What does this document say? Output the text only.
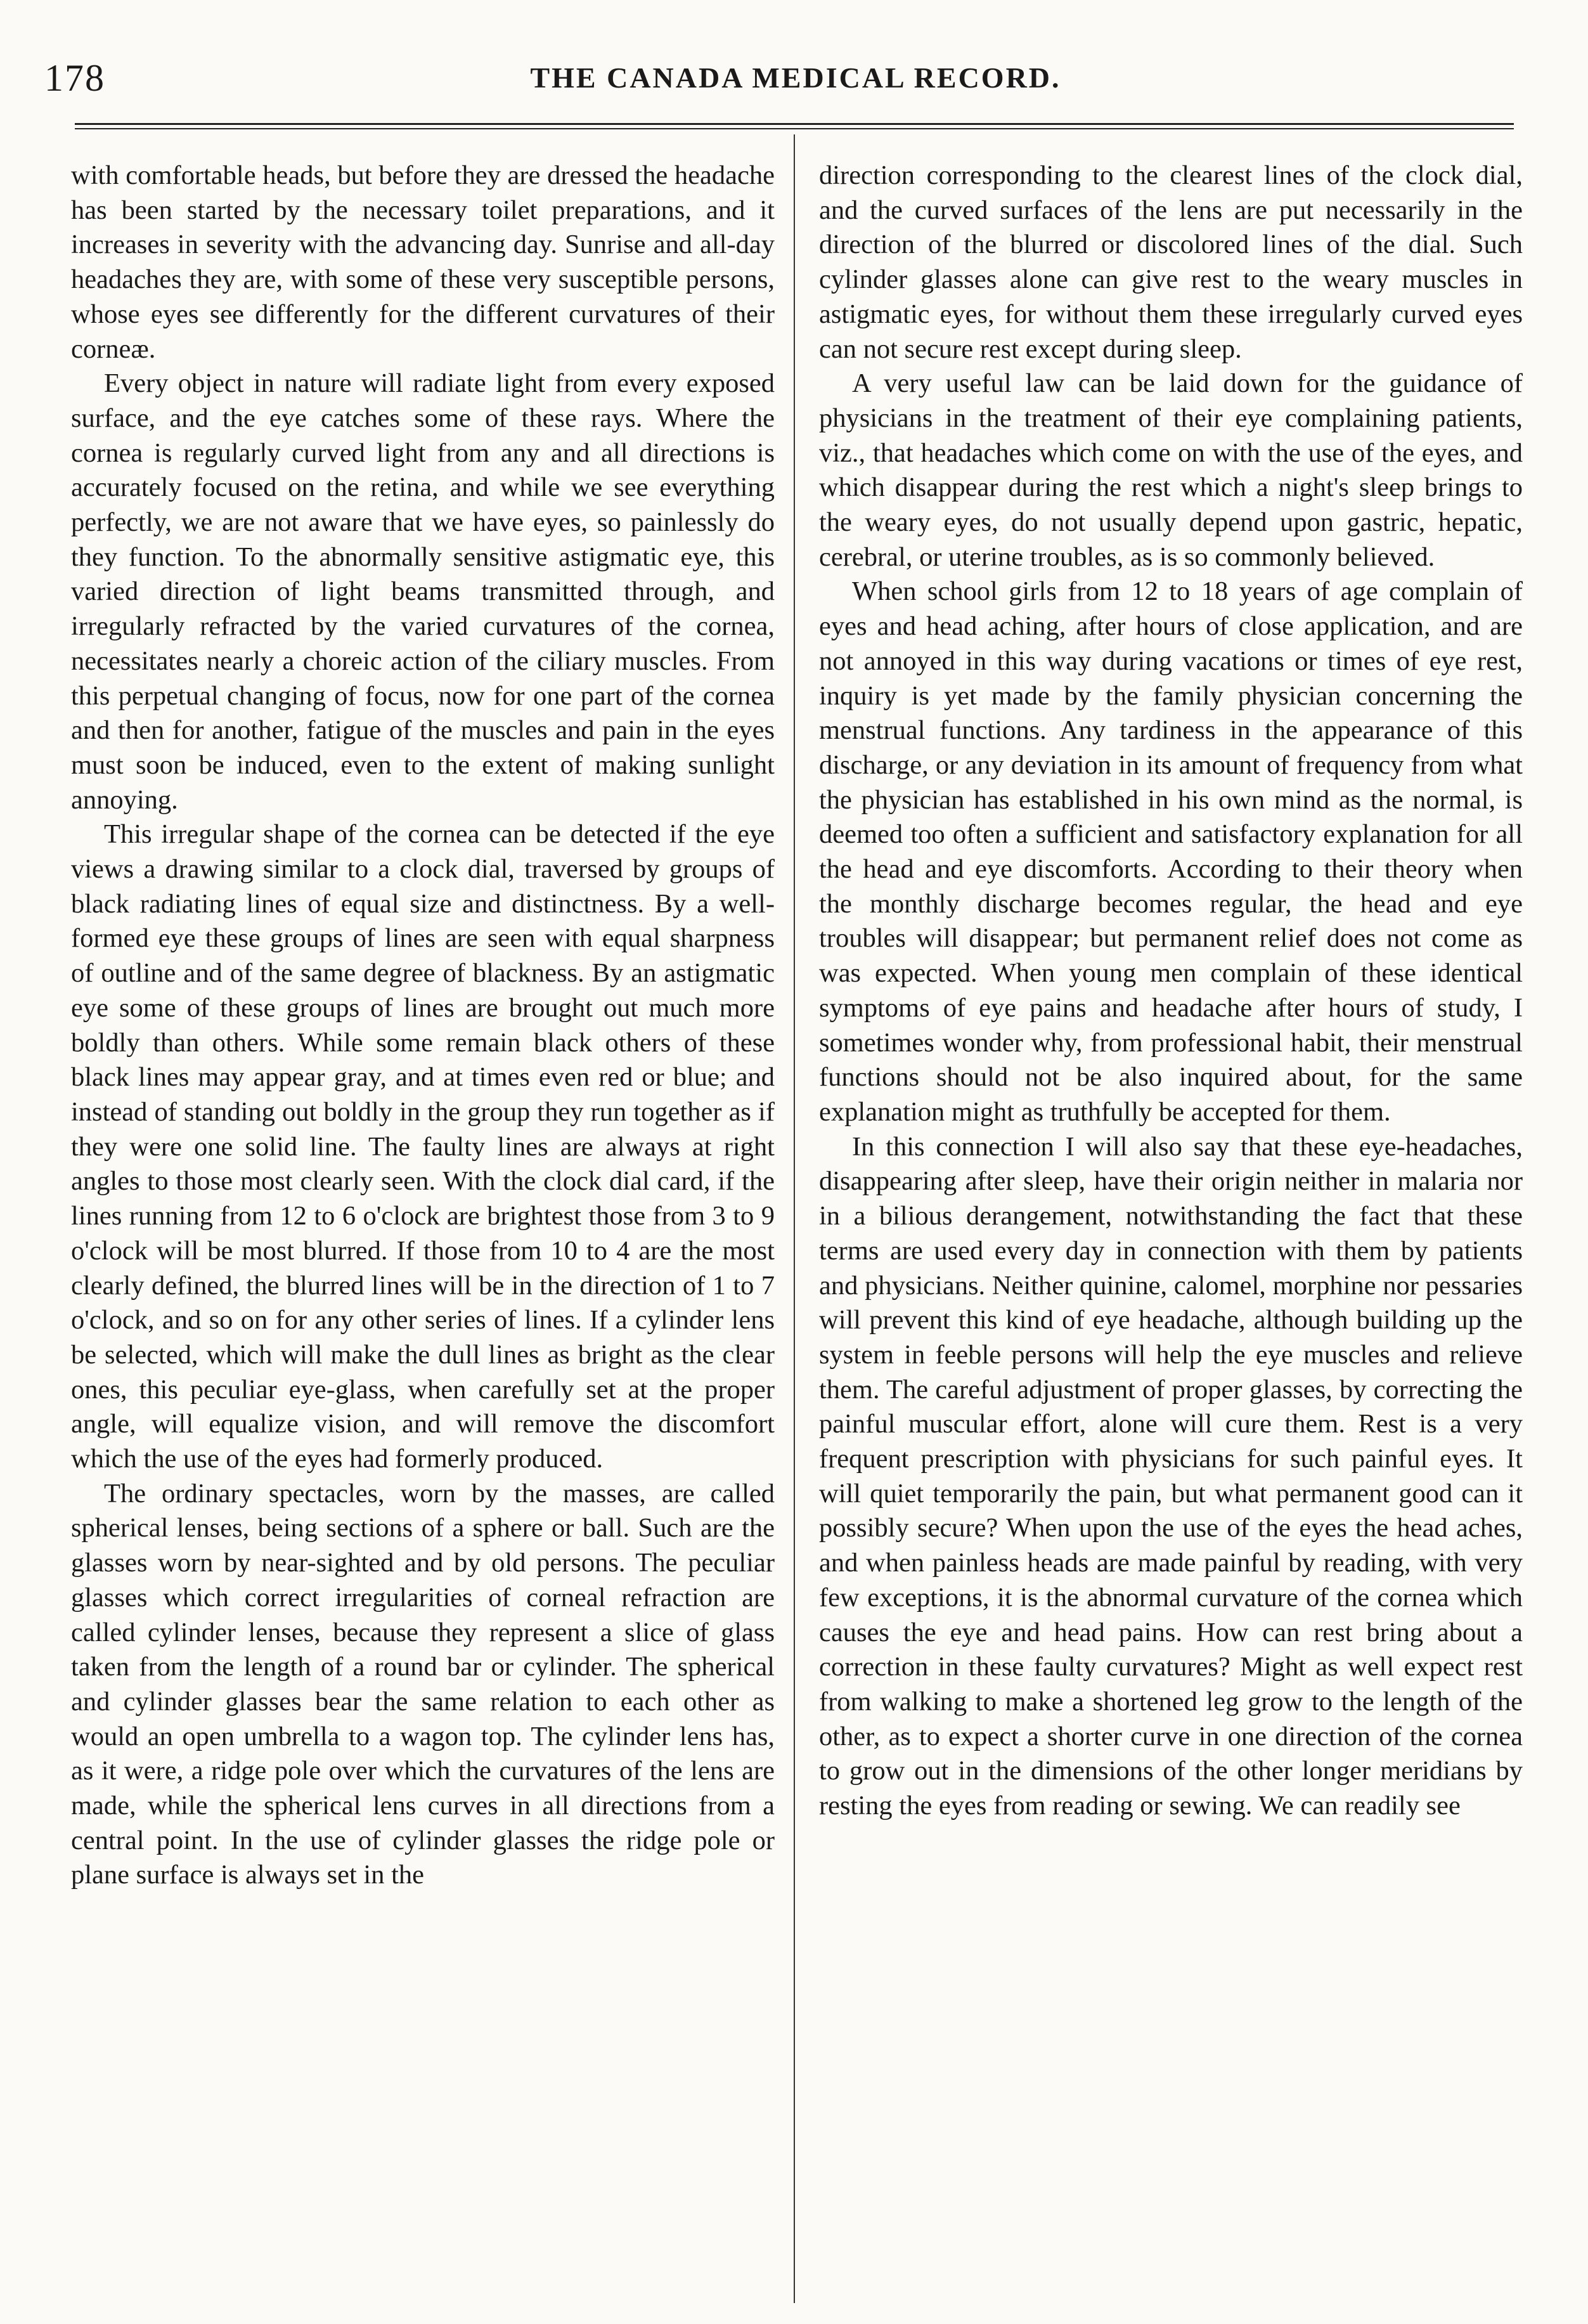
178	THE CANADA MEDICAL RECORD.

with comfortable heads, but before they are dressed the headache has been started by the necessary toilet preparations, and it increases in severity with the advancing day. Sunrise and all-day headaches they are, with some of these very susceptible persons, whose eyes see differently for the different curvatures of their corneæ.

Every object in nature will radiate light from every exposed surface, and the eye catches some of these rays. Where the cornea is regularly curved light from any and all directions is accurately focused on the retina, and while we see everything perfectly, we are not aware that we have eyes, so painlessly do they function. To the abnormally sensitive astigmatic eye, this varied direction of light beams transmitted through, and irregularly refracted by the varied curvatures of the cornea, necessitates nearly a choreic action of the ciliary muscles. From this perpetual changing of focus, now for one part of the cornea and then for another, fatigue of the muscles and pain in the eyes must soon be induced, even to the extent of making sunlight annoying.

This irregular shape of the cornea can be detected if the eye views a drawing similar to a clock dial, traversed by groups of black radiating lines of equal size and distinctness. By a well-formed eye these groups of lines are seen with equal sharpness of outline and of the same degree of blackness. By an astigmatic eye some of these groups of lines are brought out much more boldly than others. While some remain black others of these black lines may appear gray, and at times even red or blue; and instead of standing out boldly in the group they run together as if they were one solid line. The faulty lines are always at right angles to those most clearly seen. With the clock dial card, if the lines running from 12 to 6 o'clock are brightest those from 3 to 9 o'clock will be most blurred. If those from 10 to 4 are the most clearly defined, the blurred lines will be in the direction of 1 to 7 o'clock, and so on for any other series of lines. If a cylinder lens be selected, which will make the dull lines as bright as the clear ones, this peculiar eye-glass, when carefully set at the proper angle, will equalize vision, and will remove the discomfort which the use of the eyes had formerly produced.

The ordinary spectacles, worn by the masses, are called spherical lenses, being sections of a sphere or ball. Such are the glasses worn by near-sighted and by old persons. The peculiar glasses which correct irregularities of corneal refraction are called cylinder lenses, because they represent a slice of glass taken from the length of a round bar or cylinder. The spherical and cylinder glasses bear the same relation to each other as would an open umbrella to a wagon top. The cylinder lens has, as it were, a ridge pole over which the curvatures of the lens are made, while the spherical lens curves in all directions from a central point. In the use of cylinder glasses the ridge pole or plane surface is always set in the

direction corresponding to the clearest lines of the clock dial, and the curved surfaces of the lens are put necessarily in the direction of the blurred or discolored lines of the dial. Such cylinder glasses alone can give rest to the weary muscles in astigmatic eyes, for without them these irregularly curved eyes can not secure rest except during sleep.

A very useful law can be laid down for the guidance of physicians in the treatment of their eye complaining patients, viz., that headaches which come on with the use of the eyes, and which disappear during the rest which a night's sleep brings to the weary eyes, do not usually depend upon gastric, hepatic, cerebral, or uterine troubles, as is so commonly believed.

When school girls from 12 to 18 years of age complain of eyes and head aching, after hours of close application, and are not annoyed in this way during vacations or times of eye rest, inquiry is yet made by the family physician concerning the menstrual functions. Any tardiness in the appearance of this discharge, or any deviation in its amount of frequency from what the physician has established in his own mind as the normal, is deemed too often a sufficient and satisfactory explanation for all the head and eye discomforts. According to their theory when the monthly discharge becomes regular, the head and eye troubles will disappear; but permanent relief does not come as was expected. When young men complain of these identical symptoms of eye pains and headache after hours of study, I sometimes wonder why, from professional habit, their menstrual functions should not be also inquired about, for the same explanation might as truthfully be accepted for them.

In this connection I will also say that these eye-headaches, disappearing after sleep, have their origin neither in malaria nor in a bilious derangement, notwithstanding the fact that these terms are used every day in connection with them by patients and physicians. Neither quinine, calomel, morphine nor pessaries will prevent this kind of eye headache, although building up the system in feeble persons will help the eye muscles and relieve them. The careful adjustment of proper glasses, by correcting the painful muscular effort, alone will cure them. Rest is a very frequent prescription with physicians for such painful eyes. It will quiet temporarily the pain, but what permanent good can it possibly secure? When upon the use of the eyes the head aches, and when painless heads are made painful by reading, with very few exceptions, it is the abnormal curvature of the cornea which causes the eye and head pains. How can rest bring about a correction in these faulty curvatures? Might as well expect rest from walking to make a shortened leg grow to the length of the other, as to expect a shorter curve in one direction of the cornea to grow out in the dimensions of the other longer meridians by resting the eyes from reading or sewing. We can readily see
